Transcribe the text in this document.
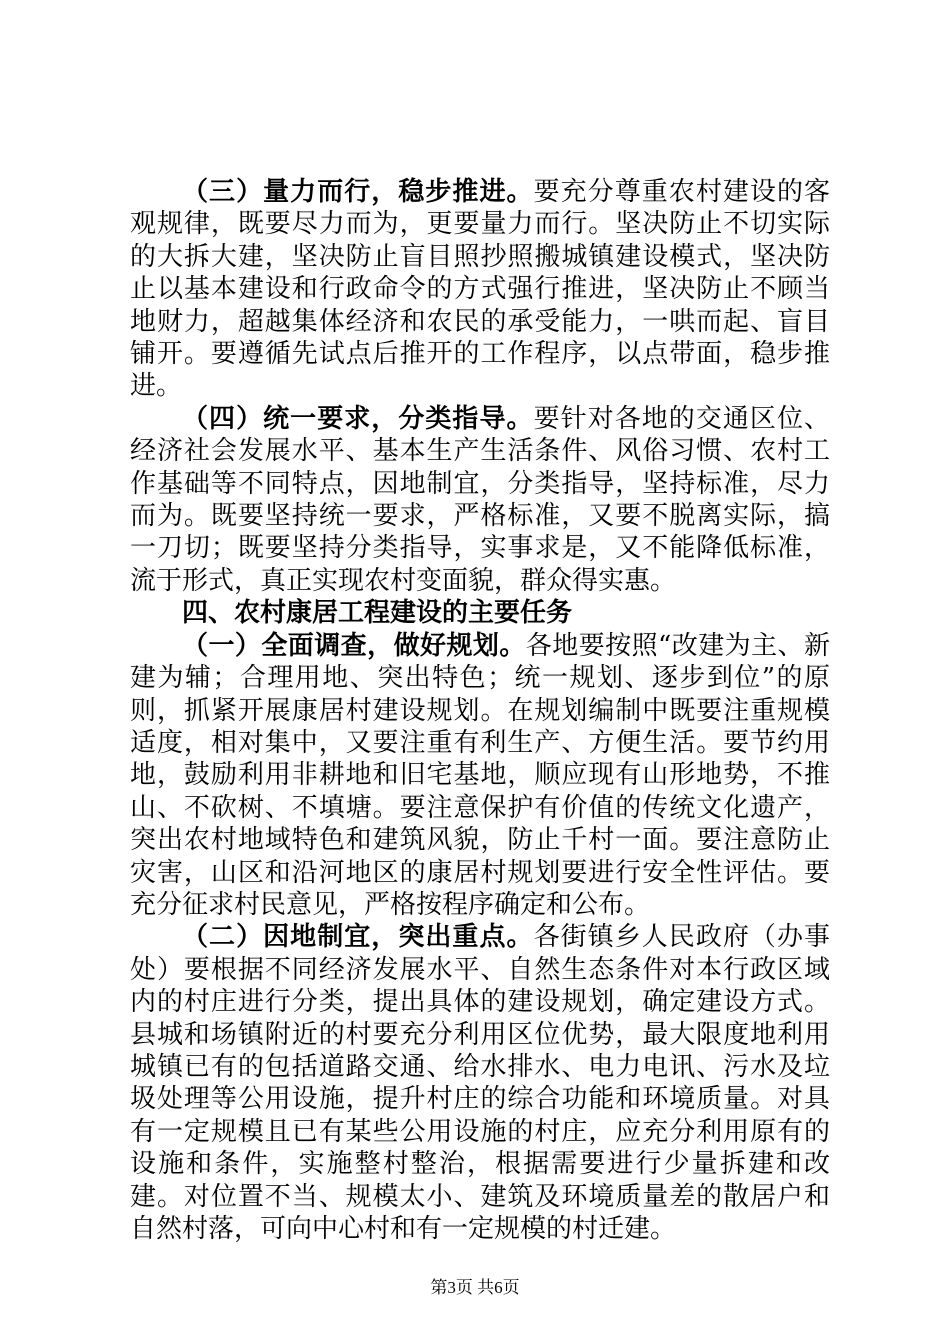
（三）量力而行，稳步推进。要充分尊重农村建设的客观规律，既要尽力而为，更要量力而行。坚决防止不切实际的大拆大建，坚决防止盲目照抄照搬城镇建设模式，坚决防止以基本建设和行政命令的方式强行推进，坚决防止不顾当地财力，超越集体经济和农民的承受能力，一哄而起、盲目铺开。要遵循先试点后推开的工作程序，以点带面，稳步推进。

（四）统一要求，分类指导。要针对各地的交通区位、经济社会发展水平、基本生产生活条件、风俗习惯、农村工作基础等不同特点，因地制宜，分类指导，坚持标准，尽力而为。既要坚持统一要求，严格标准，又要不脱离实际，搞一刀切；既要坚持分类指导，实事求是，又不能降低标准，流于形式，真正实现农村变面貌，群众得实惠。

四、农村康居工程建设的主要任务

（一）全面调查，做好规划。各地要按照“改建为主、新建为辅；合理用地、突出特色；统一规划、逐步到位”的原则，抓紧开展康居村建设规划。在规划编制中既要注重规模适度，相对集中，又要注重有利生产、方便生活。要节约用地，鼓励利用非耕地和旧宅基地，顺应现有山形地势，不推山、不砍树、不填塘。要注意保护有价值的传统文化遗产，突出农村地域特色和建筑风貌，防止千村一面。要注意防止灾害，山区和沿河地区的康居村规划要进行安全性评估。要充分征求村民意见，严格按程序确定和公布。

（二）因地制宜，突出重点。各街镇乡人民政府（办事处）要根据不同经济发展水平、自然生态条件对本行政区域内的村庄进行分类，提出具体的建设规划，确定建设方式。县城和场镇附近的村要充分利用区位优势，最大限度地利用城镇已有的包括道路交通、给水排水、电力电讯、污水及垃圾处理等公用设施，提升村庄的综合功能和环境质量。对具有一定规模且已有某些公用设施的村庄，应充分利用原有的设施和条件，实施整村整治，根据需要进行少量拆建和改建。对位置不当、规模太小、建筑及环境质量差的散居户和自然村落，可向中心村和有一定规模的村迁建。

第3页 共6页
